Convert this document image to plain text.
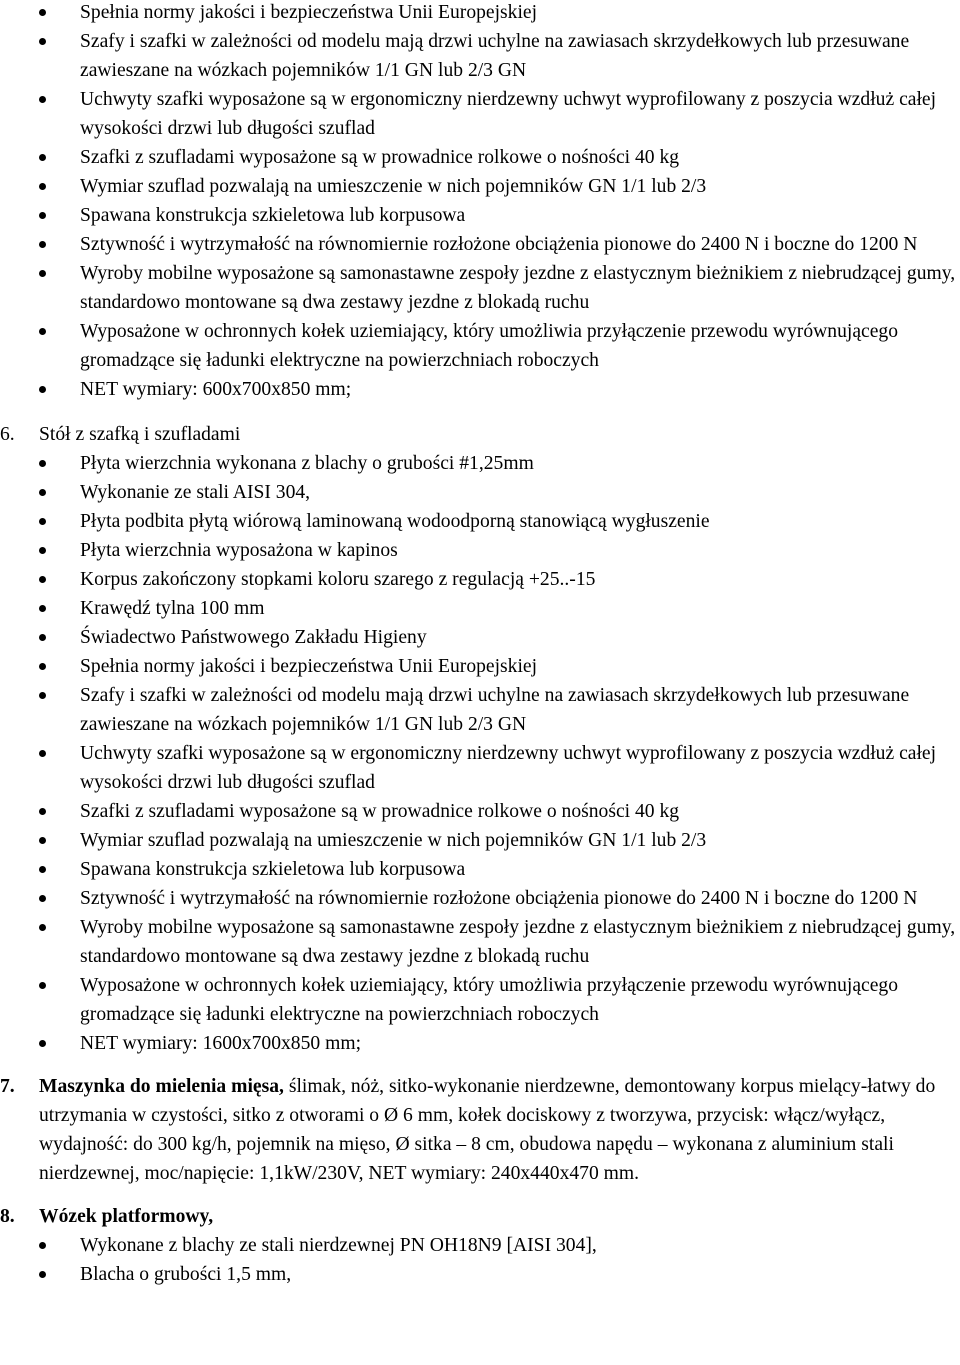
Spełnia normy jakości i bezpieczeństwa Unii Europejskiej
Szafy i szafki w zależności od modelu mają drzwi uchylne na zawiasach skrzydełkowych lub przesuwane zawieszane na wózkach pojemników 1/1 GN lub 2/3 GN
Uchwyty szafki wyposażone są w ergonomiczny nierdzewny uchwyt wyprofilowany z poszycia wzdłuż całej wysokości drzwi lub długości szuflad
Szafki z szufladami wyposażone są w prowadnice rolkowe o nośności 40 kg
Wymiar szuflad pozwalają na umieszczenie w nich pojemników GN 1/1 lub 2/3
Spawana konstrukcja szkieletowa lub korpusowa
Sztywność i wytrzymałość na równomiernie rozłożone obciążenia pionowe do 2400 N i boczne do 1200 N
Wyroby mobilne wyposażone są samonastawne zespoły jezdne z elastycznym bieżnikiem z niebrudzącej gumy, standardowo montowane są dwa zestawy jezdne z blokadą ruchu
Wyposażone w ochronnych kołek uziemiający, który umożliwia przyłączenie przewodu wyrównującego gromadzące się ładunki elektryczne na powierzchniach roboczych
NET wymiary: 600x700x850 mm;
6. Stół z szafką i szufladami
Płyta wierzchnia wykonana z blachy o grubości #1,25mm
Wykonanie ze stali AISI 304,
Płyta podbita płytą wiórową laminowaną wodoodporną stanowiącą wygłuszenie
Płyta wierzchnia wyposażona w kapinos
Korpus zakończony stopkami koloru szarego z regulacją +25..-15
Krawędź tylna 100 mm
Świadectwo Państwowego Zakładu Higieny
Spełnia normy jakości i bezpieczeństwa Unii Europejskiej
Szafy i szafki w zależności od modelu mają drzwi uchylne na zawiasach skrzydełkowych lub przesuwane zawieszane na wózkach pojemników 1/1 GN lub 2/3 GN
Uchwyty szafki wyposażone są w ergonomiczny nierdzewny uchwyt wyprofilowany z poszycia wzdłuż całej wysokości drzwi lub długości szuflad
Szafki z szufladami wyposażone są w prowadnice rolkowe o nośności 40 kg
Wymiar szuflad pozwalają na umieszczenie w nich pojemników GN 1/1 lub 2/3
Spawana konstrukcja szkieletowa lub korpusowa
Sztywność i wytrzymałość na równomiernie rozłożone obciążenia pionowe do 2400 N i boczne do 1200 N
Wyroby mobilne wyposażone są samonastawne zespoły jezdne z elastycznym bieżnikiem z niebrudzącej gumy, standardowo montowane są dwa zestawy jezdne z blokadą ruchu
Wyposażone w ochronnych kołek uziemiający, który umożliwia przyłączenie przewodu wyrównującego gromadzące się ładunki elektryczne na powierzchniach roboczych
NET wymiary: 1600x700x850 mm;
7. Maszynka do mielenia mięsa, ślimak, nóż, sitko-wykonanie nierdzewne, demontowany korpus mielący-łatwy do utrzymania w czystości, sitko z otworami o Ø 6 mm, kołek dociskowy z tworzywa, przycisk: włącz/wyłącz, wydajność: do 300 kg/h, pojemnik na mięso, Ø sitka – 8 cm, obudowa napędu – wykonana z aluminium stali nierdzewnej, moc/napięcie: 1,1kW/230V, NET wymiary: 240x440x470 mm.
8. Wózek platformowy,
Wykonane z blachy ze stali nierdzewnej PN OH18N9 [AISI 304],
Blacha o grubości 1,5 mm,
